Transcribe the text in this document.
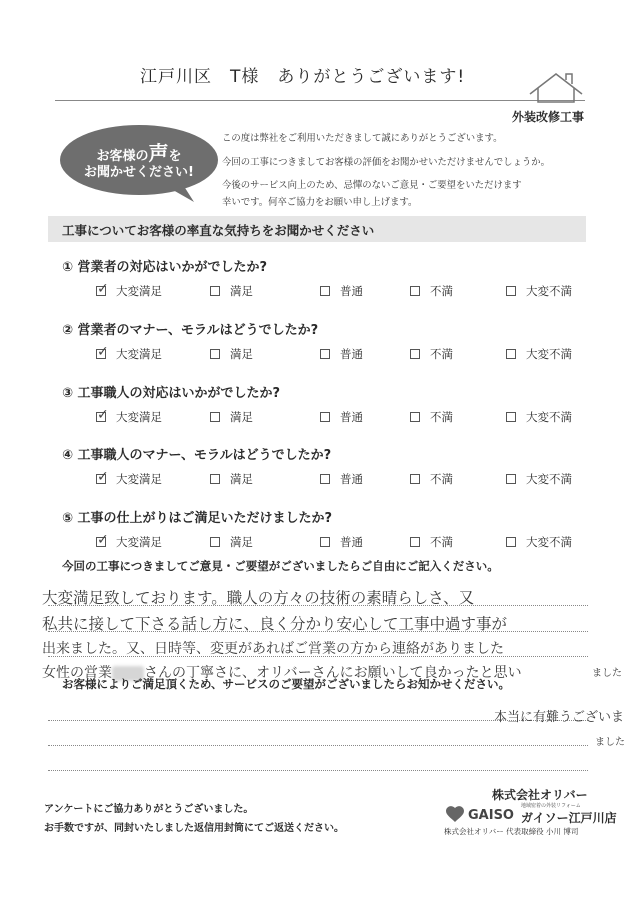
江戸川区　T様　ありがとうございます!
外装改修工事
お客様の声を
お聞かせください!
この度は弊社をご利用いただきまして誠にありがとうございます。
今回の工事につきましてお客様の評価をお聞かせいただけませんでしょうか。
今後のサービス向上のため、忌憚のないご意見・ご要望をいただけます
幸いです。何卒ご協力をお願い申し上げます。
工事についてお客様の率直な気持ちをお聞かせください
① 営業者の対応はいかがでしたか?
✓ 大変満足	満足	普通	不満	大変不満
② 営業者のマナー、モラルはどうでしたか?
✓ 大変満足	満足	普通	不満	大変不満
③ 工事職人の対応はいかがでしたか?
✓ 大変満足	満足	普通	不満	大変不満
④ 工事職人のマナー、モラルはどうでしたか?
✓ 大変満足	満足	普通	不満	大変不満
⑤ 工事の仕上がりはご満足いただけましたか?
✓ 大変満足	満足	普通	不満	大変不満
今回の工事につきましてご意見・ご要望がございましたらご自由にご記入ください。
大変満足致しております。職人の方々の技術の素晴らしさ、又
私共に接して下さる話し方に、良く分かり安心して工事中過す事が
出来ました。又、日時等、変更があればご営業の方から連絡がありました
女性の営業 さんの丁寧さに、オリバーさんにお願いして良かったと思い	ました
お客様によりご満足頂くため、サービスのご要望がございましたらお知かせください。
本当に有難うございま
ました
アンケートにご協力ありがとうございました。
お手数ですが、同封いたしました返信用封筒にてご返送ください。
株式会社オリバー
GAISO
地域密着の外装リフォーム
ガイソー江戸川店
株式会社オリバー 代表取締役 小川 博司
